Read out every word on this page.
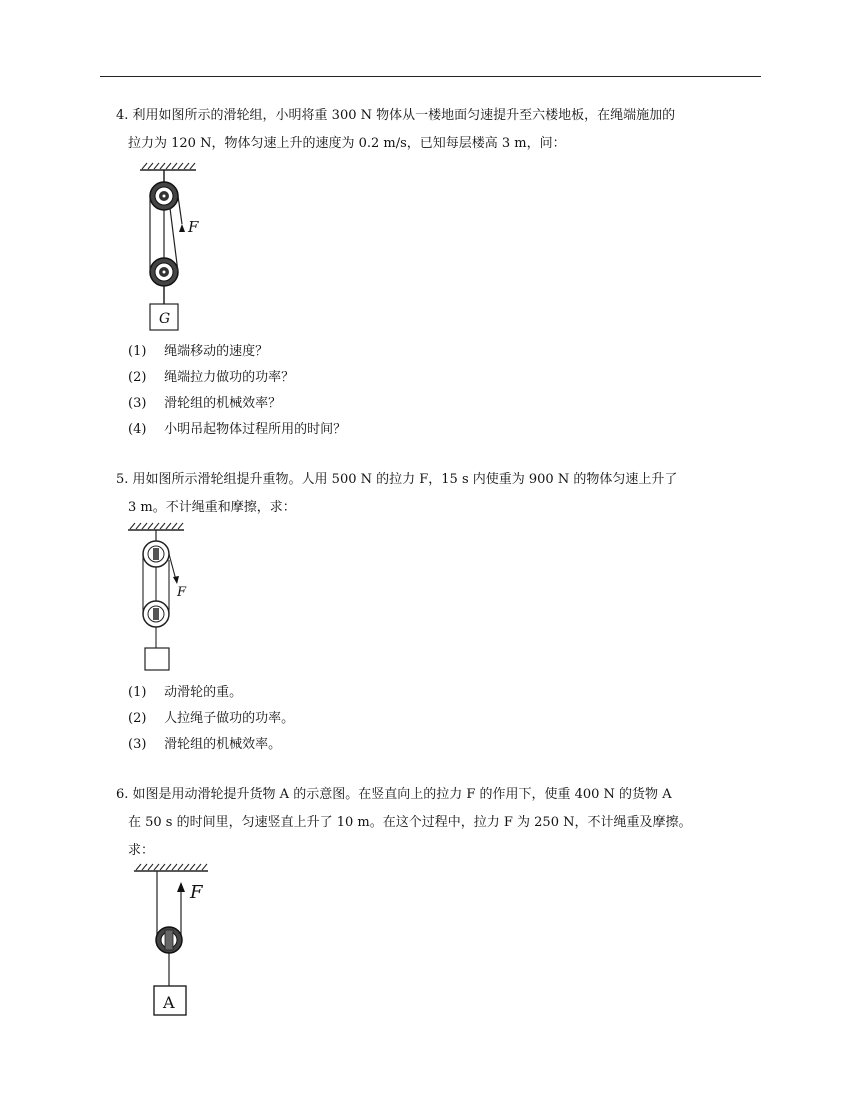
4. 利用如图所示的滑轮组，小明将重 300 N 物体从一楼地面匀速提升至六楼地板，在绳端施加的
拉力为 120 N，物体匀速上升的速度为 0.2 m/s，已知每层楼高 3 m，问：
F
G
(1) 绳端移动的速度？
(2) 绳端拉力做功的功率？
(3) 滑轮组的机械效率？
(4) 小明吊起物体过程所用的时间？
5. 用如图所示滑轮组提升重物。人用 500 N 的拉力 F，15 s 内使重为 900 N 的物体匀速上升了
3 m。不计绳重和摩擦，求：
F
(1) 动滑轮的重。
(2) 人拉绳子做功的功率。
(3) 滑轮组的机械效率。
6. 如图是用动滑轮提升货物 A 的示意图。在竖直向上的拉力 F 的作用下，使重 400 N 的货物 A
在 50 s 的时间里，匀速竖直上升了 10 m。在这个过程中，拉力 F 为 250 N，不计绳重及摩擦。
求：
F
A
